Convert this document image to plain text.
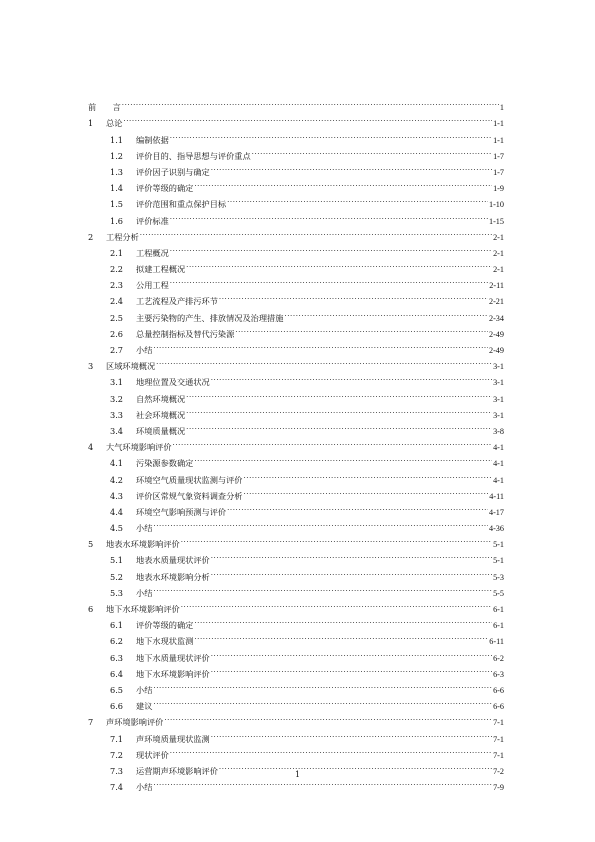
前　　言 .....	1
1	总论 .....	1-1
1.1	编制依据 .....	1-1
1.2	评价目的、指导思想与评价重点 .....	1-7
1.3	评价因子识别与确定 .....	1-7
1.4	评价等级的确定 .....	1-9
1.5	评价范围和重点保护目标 .....	1-10
1.6	评价标准 .....	1-15
2	工程分析 .....	2-1
2.1	工程概况 .....	2-1
2.2	拟建工程概况 .....	2-1
2.3	公用工程 .....	2-11
2.4	工艺流程及产排污环节 .....	2-21
2.5	主要污染物的产生、排放情况及治理措施 .....	2-34
2.6	总量控制指标及替代污染源 .....	2-49
2.7	小结 .....	2-49
3	区域环境概况 .....	3-1
3.1	地理位置及交通状况 .....	3-1
3.2	自然环境概况 .....	3-1
3.3	社会环境概况 .....	3-1
3.4	环境质量概况 .....	3-8
4	大气环境影响评价 .....	4-1
4.1	污染源参数确定 .....	4-1
4.2	环境空气质量现状监测与评价 .....	4-1
4.3	评价区常规气象资料调查分析 .....	4-11
4.4	环境空气影响预测与评价 .....	4-17
4.5	小结 .....	4-36
5	地表水环境影响评价 .....	5-1
5.1	地表水质量现状评价 .....	5-1
5.2	地表水环境影响分析 .....	5-3
5.3	小结 .....	5-5
6	地下水环境影响评价 .....	6-1
6.1	评价等级的确定 .....	6-1
6.2	地下水现状监测 .....	6-11
6.3	地下水质量现状评价 .....	6-2
6.4	地下水环境影响评价 .....	6-3
6.5	小结 .....	6-6
6.6	建议 .....	6-6
7	声环境影响评价 .....	7-1
7.1	声环境质量现状监测 .....	7-1
7.2	现状评价 .....	7-1
7.3	运营期声环境影响评价 .....	7-2
7.4	小结 .....	7-9
1
